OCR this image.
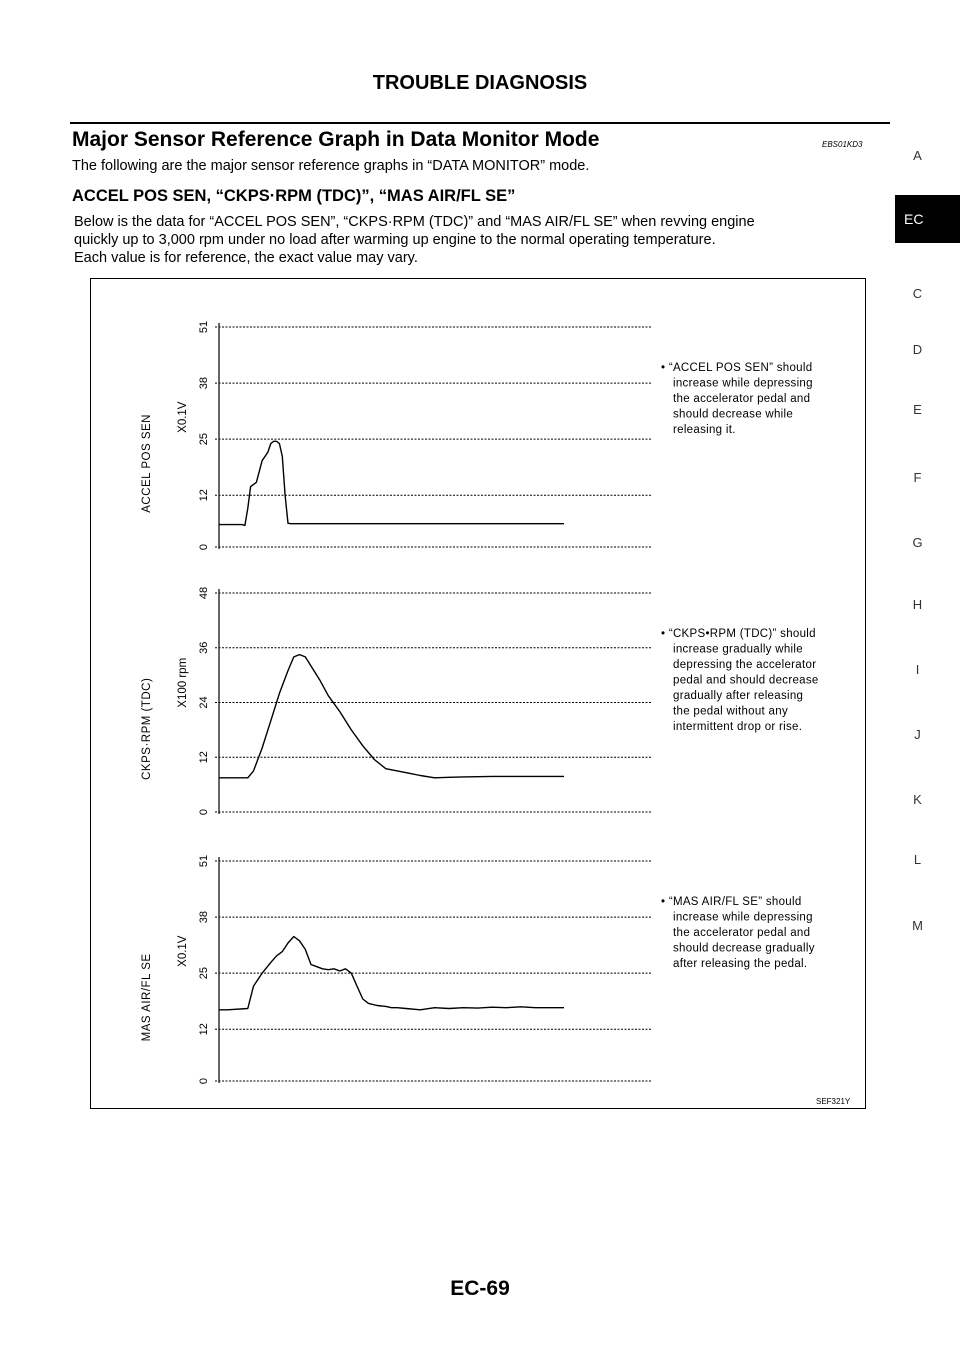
TROUBLE DIAGNOSIS
Major Sensor Reference Graph in Data Monitor Mode	EBS01KD3
The following are the major sensor reference graphs in “DATA MONITOR” mode.
ACCEL POS SEN, “CKPS·RPM (TDC)”, “MAS AIR/FL SE”
Below is the data for “ACCEL POS SEN”, “CKPS·RPM (TDC)” and “MAS AIR/FL SE” when revving engine
quickly up to 3,000 rpm under no load after warming up engine to the normal operating temperature.
Each value is for reference, the exact value may vary.
A
EC
C
D
E
F
G
H
I
J
K
L
M
0
12
25
38
51
X0.1V
ACCEL POS SEN
• “ACCEL POS SEN” should
increase while depressing
the accelerator pedal and
should decrease while
releasing it.
0
12
24
36
48
X100 rpm
CKPS·RPM (TDC)
• “CKPS•RPM (TDC)” should
increase gradually while
depressing the accelerator
pedal and should decrease
gradually after releasing
the pedal without any
intermittent drop or rise.
0
12
25
38
51
X0.1V
MAS AIR/FL SE
• “MAS AIR/FL SE” should
increase while depressing
the accelerator pedal and
should decrease gradually
after releasing the pedal.
SEF321Y
EC-69
